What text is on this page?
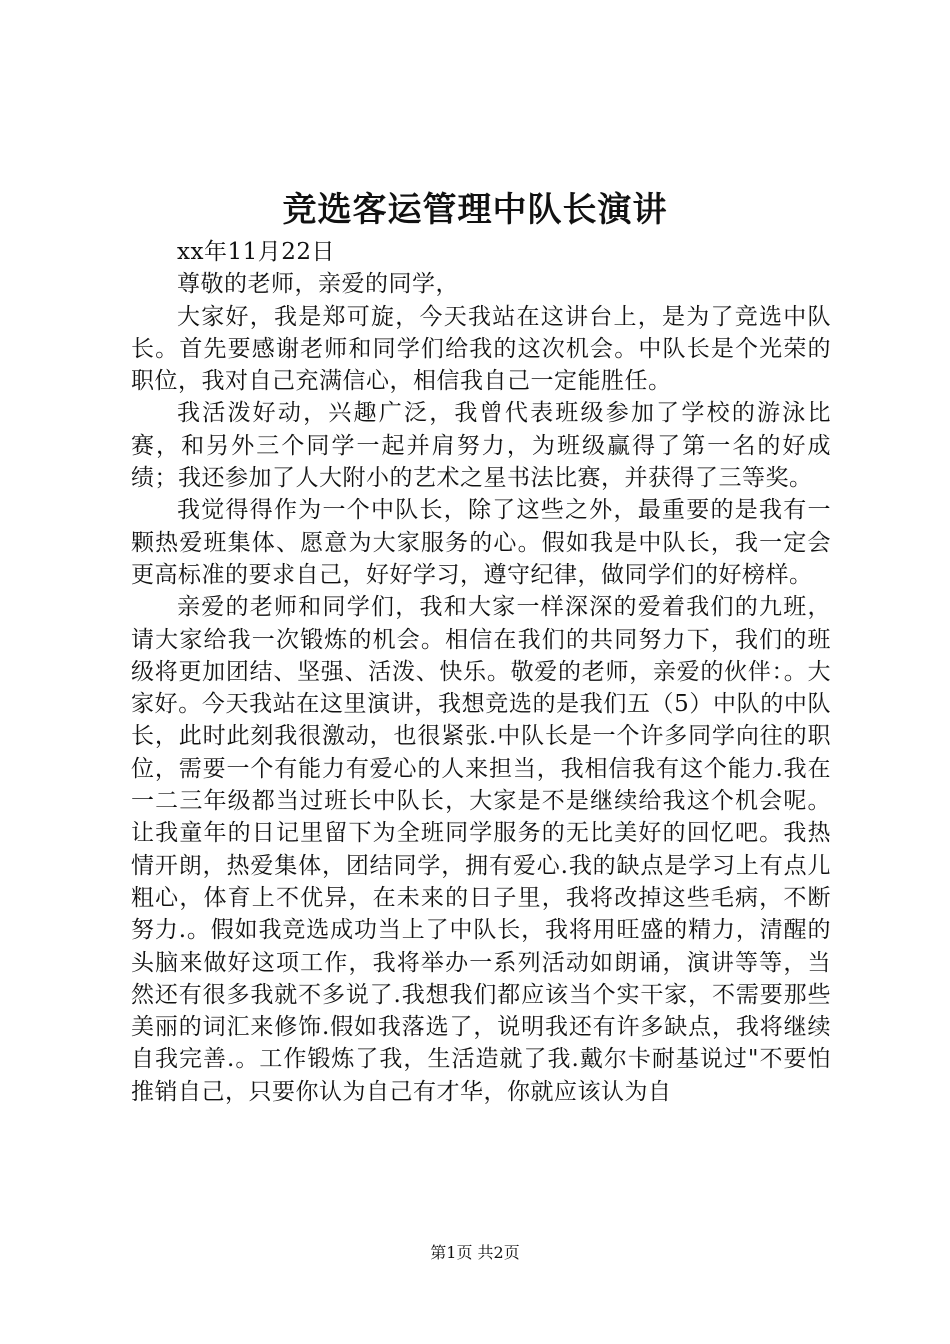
竞选客运管理中队长演讲

xx年11月22日

尊敬的老师，亲爱的同学，

大家好，我是郑可旋，今天我站在这讲台上，是为了竞选中队长。首先要感谢老师和同学们给我的这次机会。中队长是个光荣的职位，我对自己充满信心，相信我自己一定能胜任。

我活泼好动，兴趣广泛，我曾代表班级参加了学校的游泳比赛，和另外三个同学一起并肩努力，为班级赢得了第一名的好成绩；我还参加了人大附小的艺术之星书法比赛，并获得了三等奖。

我觉得得作为一个中队长，除了这些之外，最重要的是我有一颗热爱班集体、愿意为大家服务的心。假如我是中队长，我一定会更高标准的要求自己，好好学习，遵守纪律，做同学们的好榜样。

亲爱的老师和同学们，我和大家一样深深的爱着我们的九班，请大家给我一次锻炼的机会。相信在我们的共同努力下，我们的班级将更加团结、坚强、活泼、快乐。敬爱的老师，亲爱的伙伴：。大家好。今天我站在这里演讲，我想竞选的是我们五（5）中队的中队长，此时此刻我很激动，也很紧张.中队长是一个许多同学向往的职位，需要一个有能力有爱心的人来担当，我相信我有这个能力.我在一二三年级都当过班长中队长，大家是不是继续给我这个机会呢。让我童年的日记里留下为全班同学服务的无比美好的回忆吧。我热情开朗，热爱集体，团结同学，拥有爱心.我的缺点是学习上有点儿粗心，体育上不优异，在未来的日子里，我将改掉这些毛病，不断努力.。假如我竞选成功当上了中队长，我将用旺盛的精力，清醒的头脑来做好这项工作，我将举办一系列活动如朗诵，演讲等等，当然还有很多我就不多说了.我想我们都应该当个实干家，不需要那些美丽的词汇来修饰.假如我落选了，说明我还有许多缺点，我将继续自我完善.。工作锻炼了我，生活造就了我.戴尔卡耐基说过"不要怕推销自己，只要你认为自己有才华，你就应该认为自

第1页 共2页
